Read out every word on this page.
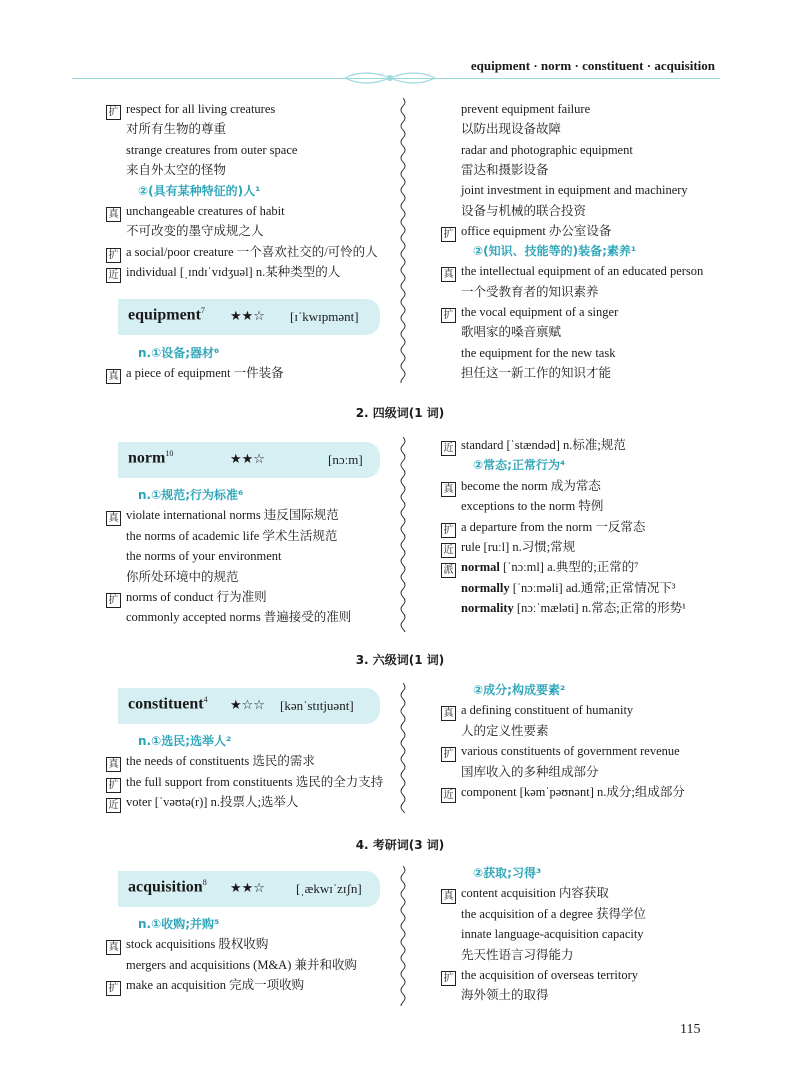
equipment · norm · constituent · acquisition
扩 respect for all living creatures
对所有生物的尊重
strange creatures from outer space
来自外太空的怪物
②(具有某种特征的)人¹
真 unchangeable creatures of habit
不可改变的墨守成规之人
扩 a social/poor creature 一个喜欢社交的/可怜的人
近 individual [ˌɪndɪˈvɪdʒuəl] n.某种类型的人
equipment$^7$ ★★☆ [ɪˈkwɪpmənt]
n.①设备;器材⁶
真 a piece of equipment 一件装备
prevent equipment failure
以防出现设备故障
radar and photographic equipment
雷达和摄影设备
joint investment in equipment and machinery
设备与机械的联合投资
扩 office equipment 办公室设备
②(知识、技能等的)装备;素养¹
真 the intellectual equipment of an educated person
一个受教育者的知识素养
扩 the vocal equipment of a singer
歌唱家的嗓音禀赋
the equipment for the new task
担任这一新工作的知识才能
2. 四级词(1 词)
norm$^{10}$	★★☆	[nɔːm]
n.①规范;行为标准⁶
真 violate international norms 违反国际规范
the norms of academic life 学术生活规范
the norms of your environment
你所处环境中的规范
扩 norms of conduct 行为准则
commonly accepted norms 普遍接受的准则
近 standard [ˈstændəd] n.标准;规范
②常态;正常行为⁴
真 become the norm 成为常态
exceptions to the norm 特例
扩 a departure from the norm 一反常态
近 rule [ruːl] n.习惯;常规
派 normal [ˈnɔːml] a.典型的;正常的⁷
normally [ˈnɔːməli] ad.通常;正常情况下³
normality [nɔːˈmæləti] n.常态;正常的形势¹
3. 六级词(1 词)
constituent$^4$ ★☆☆ [kənˈstɪtjuənt]
n.①选民;选举人²
真 the needs of constituents 选民的需求
扩 the full support from constituents 选民的全力支持
近 voter [ˈvəʊtə(r)] n.投票人;选举人
②成分;构成要素²
真 a defining constituent of humanity
人的定义性要素
扩 various constituents of government revenue
国库收入的多种组成部分
近 component [kəmˈpəʊnənt] n.成分;组成部分
4. 考研词(3 词)
acquisition$^8$ ★★☆ [ˌækwɪˈzɪʃn]
n.①收购;并购⁵
真 stock acquisitions 股权收购
mergers and acquisitions (M&A) 兼并和收购
扩 make an acquisition 完成一项收购
②获取;习得³
真 content acquisition 内容获取
the acquisition of a degree 获得学位
innate language-acquisition capacity
先天性语言习得能力
扩 the acquisition of overseas territory
海外领土的取得
115
